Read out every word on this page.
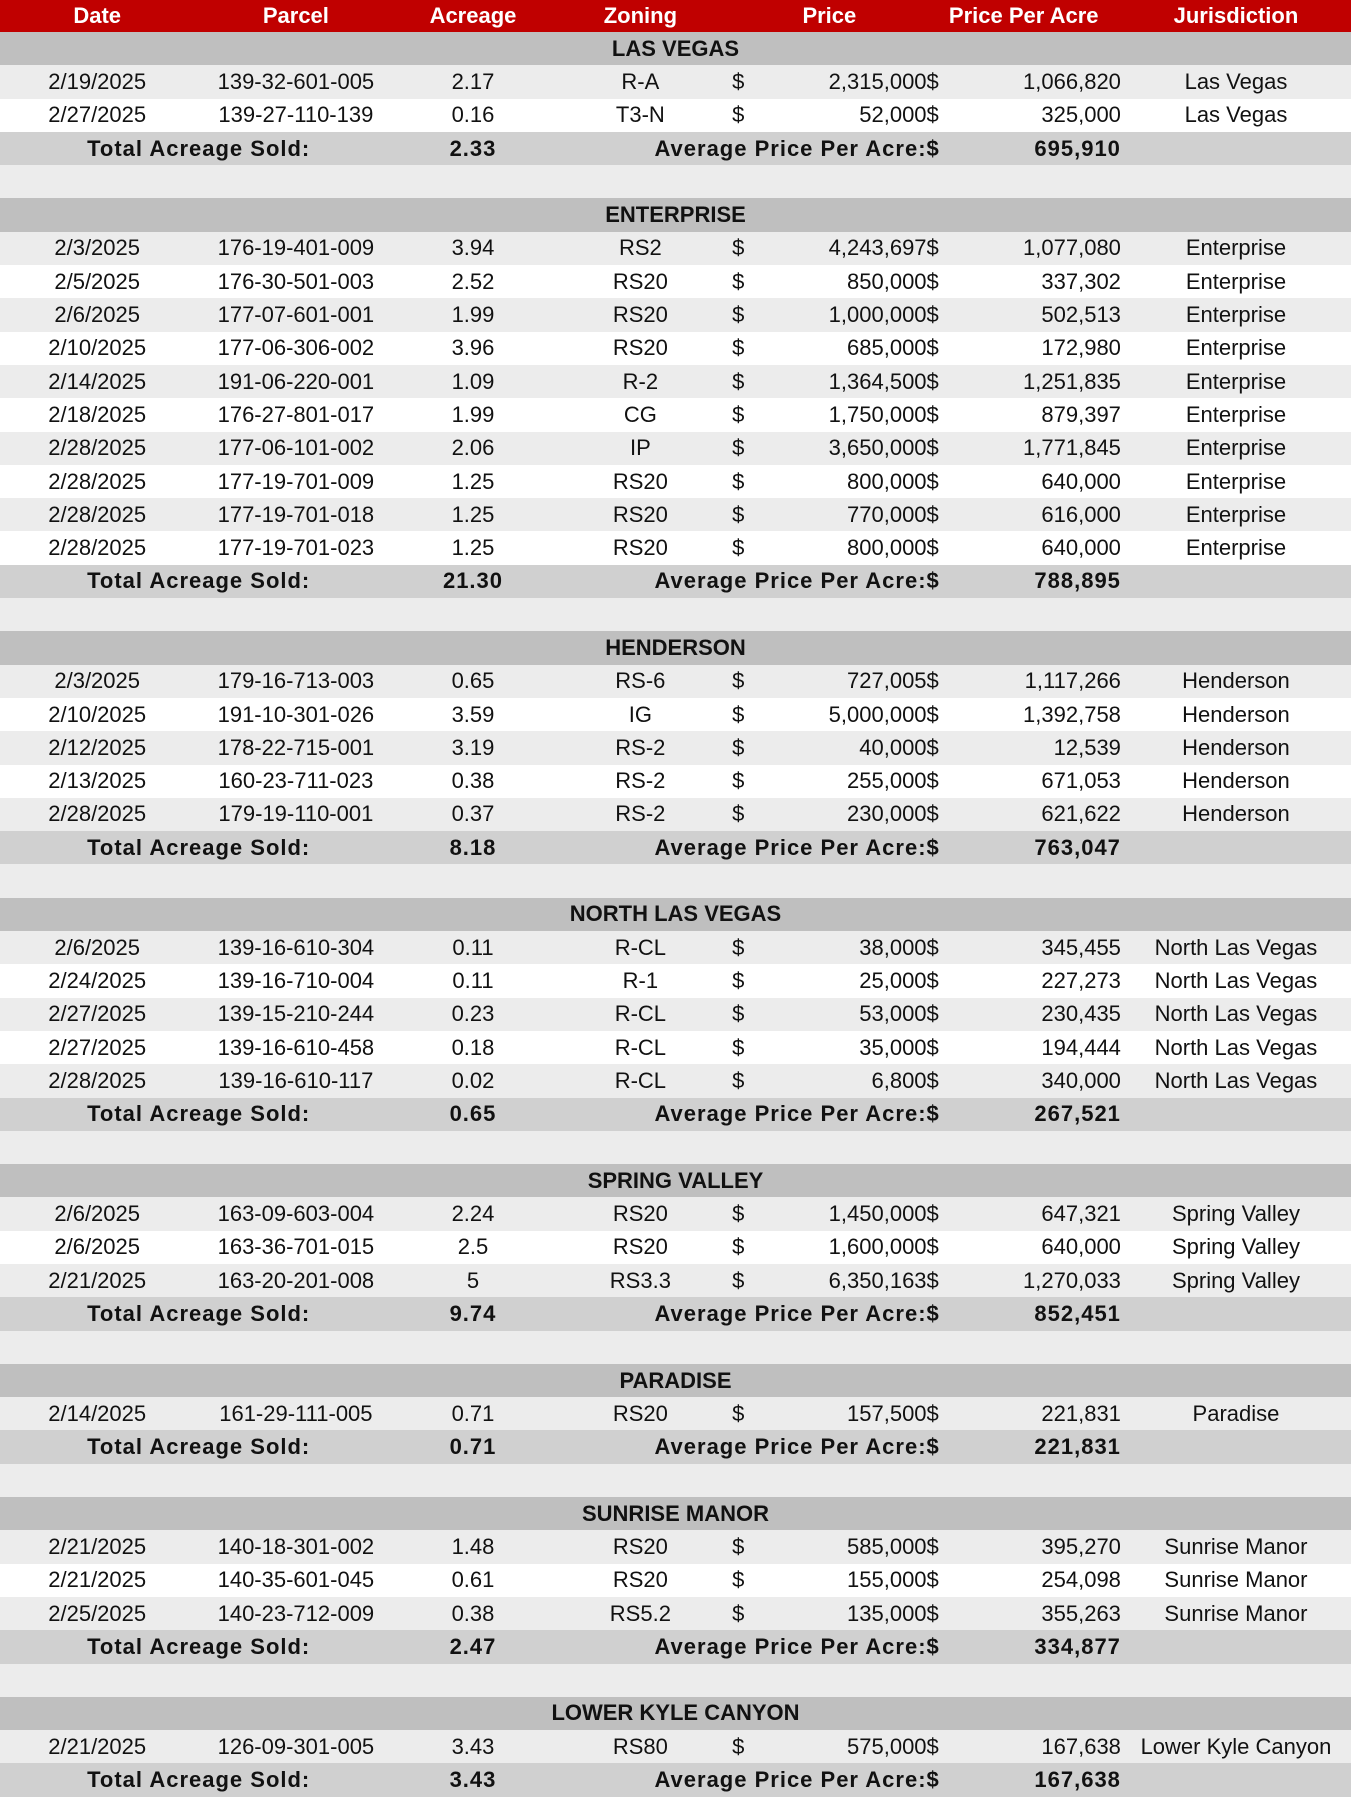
Date	Parcel	Acreage	Zoning	Price		Price Per Acre		Jurisdiction
LAS VEGAS								
2/19/2025	139-32-601-005	2.17	R-A	$	2,315,000	$	1,066,820	Las Vegas
2/27/2025	139-27-110-139	0.16	T3-N	$	52,000	$	325,000	Las Vegas
Total Acreage Sold:		2.33	Average Price Per Acre:			$	695,910	

ENTERPRISE								
2/3/2025	176-19-401-009	3.94	RS2	$	4,243,697	$	1,077,080	Enterprise
2/5/2025	176-30-501-003	2.52	RS20	$	850,000	$	337,302	Enterprise
2/6/2025	177-07-601-001	1.99	RS20	$	1,000,000	$	502,513	Enterprise
2/10/2025	177-06-306-002	3.96	RS20	$	685,000	$	172,980	Enterprise
2/14/2025	191-06-220-001	1.09	R-2	$	1,364,500	$	1,251,835	Enterprise
2/18/2025	176-27-801-017	1.99	CG	$	1,750,000	$	879,397	Enterprise
2/28/2025	177-06-101-002	2.06	IP	$	3,650,000	$	1,771,845	Enterprise
2/28/2025	177-19-701-009	1.25	RS20	$	800,000	$	640,000	Enterprise
2/28/2025	177-19-701-018	1.25	RS20	$	770,000	$	616,000	Enterprise
2/28/2025	177-19-701-023	1.25	RS20	$	800,000	$	640,000	Enterprise
Total Acreage Sold:		21.30	Average Price Per Acre:			$	788,895	

HENDERSON								
2/3/2025	179-16-713-003	0.65	RS-6	$	727,005	$	1,117,266	Henderson
2/10/2025	191-10-301-026	3.59	IG	$	5,000,000	$	1,392,758	Henderson
2/12/2025	178-22-715-001	3.19	RS-2	$	40,000	$	12,539	Henderson
2/13/2025	160-23-711-023	0.38	RS-2	$	255,000	$	671,053	Henderson
2/28/2025	179-19-110-001	0.37	RS-2	$	230,000	$	621,622	Henderson
Total Acreage Sold:		8.18	Average Price Per Acre:			$	763,047	

NORTH LAS VEGAS								
2/6/2025	139-16-610-304	0.11	R-CL	$	38,000	$	345,455	North Las Vegas
2/24/2025	139-16-710-004	0.11	R-1	$	25,000	$	227,273	North Las Vegas
2/27/2025	139-15-210-244	0.23	R-CL	$	53,000	$	230,435	North Las Vegas
2/27/2025	139-16-610-458	0.18	R-CL	$	35,000	$	194,444	North Las Vegas
2/28/2025	139-16-610-117	0.02	R-CL	$	6,800	$	340,000	North Las Vegas
Total Acreage Sold:		0.65	Average Price Per Acre:			$	267,521	

SPRING VALLEY								
2/6/2025	163-09-603-004	2.24	RS20	$	1,450,000	$	647,321	Spring Valley
2/6/2025	163-36-701-015	2.5	RS20	$	1,600,000	$	640,000	Spring Valley
2/21/2025	163-20-201-008	5	RS3.3	$	6,350,163	$	1,270,033	Spring Valley
Total Acreage Sold:		9.74	Average Price Per Acre:			$	852,451	

PARADISE								
2/14/2025	161-29-111-005	0.71	RS20	$	157,500	$	221,831	Paradise
Total Acreage Sold:		0.71	Average Price Per Acre:			$	221,831	

SUNRISE MANOR								
2/21/2025	140-18-301-002	1.48	RS20	$	585,000	$	395,270	Sunrise Manor
2/21/2025	140-35-601-045	0.61	RS20	$	155,000	$	254,098	Sunrise Manor
2/25/2025	140-23-712-009	0.38	RS5.2	$	135,000	$	355,263	Sunrise Manor
Total Acreage Sold:		2.47	Average Price Per Acre:			$	334,877	

LOWER KYLE CANYON								
2/21/2025	126-09-301-005	3.43	RS80	$	575,000	$	167,638	Lower Kyle Canyon
Total Acreage Sold:		3.43	Average Price Per Acre:			$	167,638	
